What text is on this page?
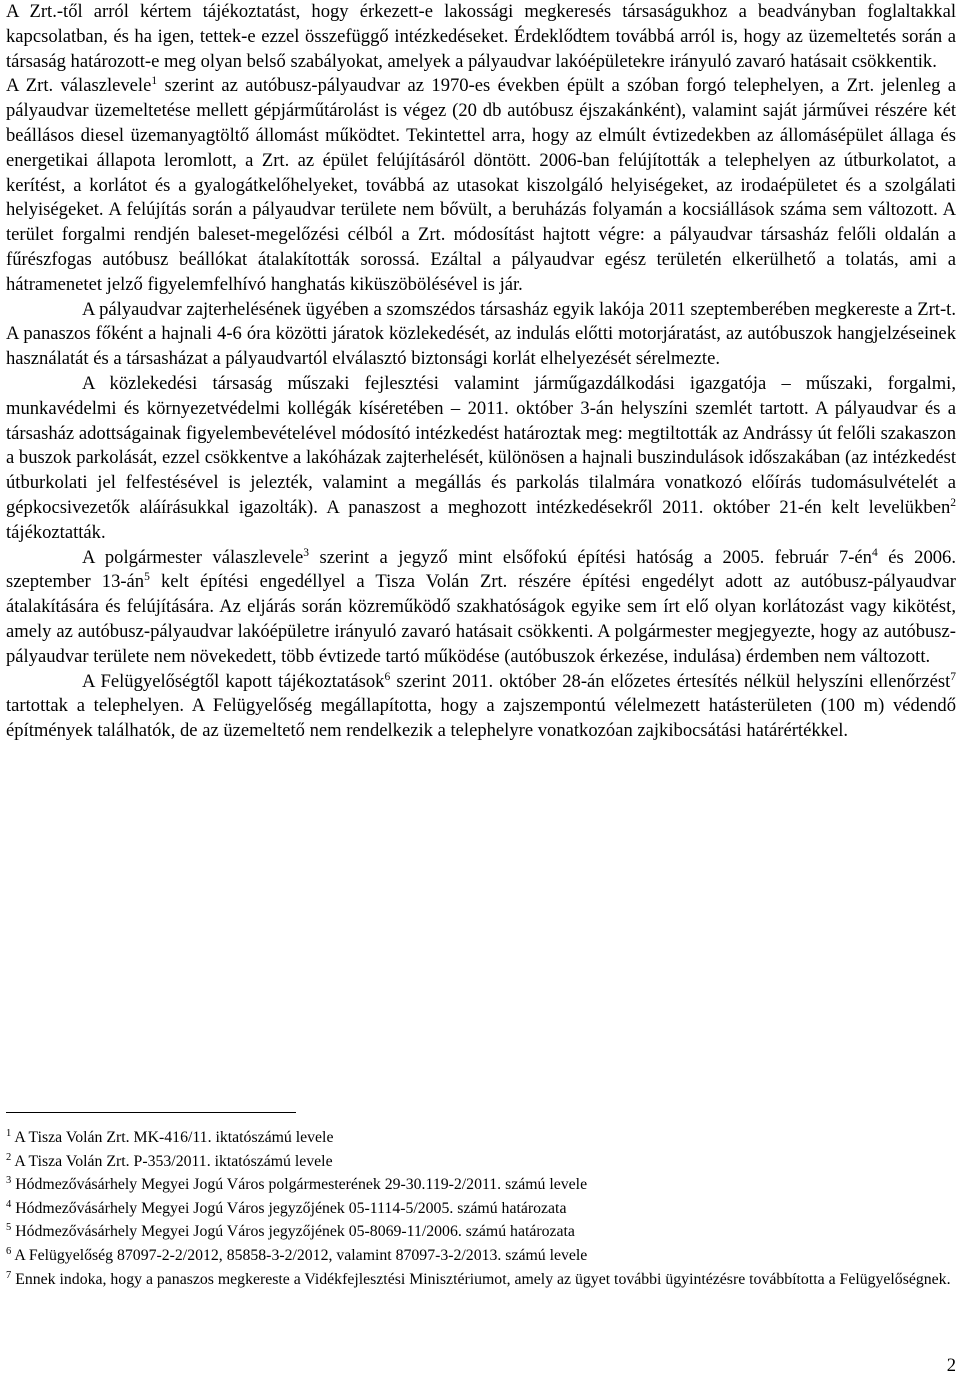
A Zrt.-től arról kértem tájékoztatást, hogy érkezett-e lakossági megkeresés társaságukhoz a beadványban foglaltakkal kapcsolatban, és ha igen, tettek-e ezzel összefüggő intézkedéseket. Érdeklődtem továbbá arról is, hogy az üzemeltetés során a társaság határozott-e meg olyan belső szabályokat, amelyek a pályaudvar lakóépületekre irányuló zavaró hatásait csökkentik.

A Zrt. válaszlevele$^1$ szerint az autóbusz-pályaudvar az 1970-es években épült a szóban forgó telephelyen, a Zrt. jelenleg a pályaudvar üzemeltetése mellett gépjárműtárolást is végez (20 db autóbusz éjszakánként), valamint saját járművei részére két beállásos diesel üzemanyagtöltő állomást működtet. Tekintettel arra, hogy az elmúlt évtizedekben az állomásépület állaga és energetikai állapota leromlott, a Zrt. az épület felújításáról döntött. 2006-ban felújították a telephelyen az útburkolatot, a kerítést, a korlátot és a gyalogátkelőhelyeket, továbbá az utasokat kiszolgáló helyiségeket, az irodaépületet és a szolgálati helyiségeket. A felújítás során a pályaudvar területe nem bővült, a beruházás folyamán a kocsiállások száma sem változott. A terület forgalmi rendjén baleset-megelőzési célból a Zrt. módosítást hajtott végre: a pályaudvar társasház felőli oldalán a fűrészfogas autóbusz beállókat átalakították sorossá. Ezáltal a pályaudvar egész területén elkerülhető a tolatás, ami a hátramenetet jelző figyelemfelhívó hanghatás kiküszöbölésével is jár.

A pályaudvar zajterhelésének ügyében a szomszédos társasház egyik lakója 2011 szeptemberében megkereste a Zrt-t. A panaszos főként a hajnali 4-6 óra közötti járatok közlekedését, az indulás előtti motorjáratást, az autóbuszok hangjelzéseinek használatát és a társasházat a pályaudvartól elválasztó biztonsági korlát elhelyezését sérelmezte.

A közlekedési társaság műszaki fejlesztési valamint járműgazdálkodási igazgatója – műszaki, forgalmi, munkavédelmi és környezetvédelmi kollégák kíséretében – 2011. október 3-án helyszíni szemlét tartott. A pályaudvar és a társasház adottságainak figyelembevételével módosító intézkedést határoztak meg: megtiltották az Andrássy út felőli szakaszon a buszok parkolását, ezzel csökkentve a lakóházak zajterhelését, különösen a hajnali buszindulások időszakában (az intézkedést útburkolati jel felfestésével is jelezték, valamint a megállás és parkolás tilalmára vonatkozó előírás tudomásulvételét a gépkocsivezetők aláírásukkal igazolták). A panaszost a meghozott intézkedésekről 2011. október 21-én kelt levelükben$^2$ tájékoztatták.

A polgármester válaszlevele$^3$ szerint a jegyző mint elsőfokú építési hatóság a 2005. február $7-én^4$ és 2006. szeptember $13-án^5$ kelt építési engedéllyel a Tisza Volán Zrt. részére építési engedélyt adott az autóbusz-pályaudvar átalakítására és felújítására. Az eljárás során közreműködő szakhatóságok egyike sem írt elő olyan korlátozást vagy kikötést, amely az autóbusz-pályaudvar lakóépületre irányuló zavaró hatásait csökkenti. A polgármester megjegyezte, hogy az autóbusz-pályaudvar területe nem növekedett, több évtizede tartó működése (autóbuszok érkezése, indulása) érdemben nem változott.

A Felügyelőségtől kapott tájékoztatások$^6$ szerint 2011. október 28-án előzetes értesítés nélkül helyszíni ellenőrzést$^7$ tartottak a telephelyen. A Felügyelőség megállapította, hogy a zajszempontú vélelmezett hatásterületen (100 m) védendő építmények találhatók, de az üzemeltető nem rendelkezik a telephelyre vonatkozóan zajkibocsátási határértékkel.

$^1$ A Tisza Volán Zrt. MK-416/11. iktatószámú levele

$^2$ A Tisza Volán Zrt. P-353/2011. iktatószámú levele

$^3$ Hódmezővásárhely Megyei Jogú Város polgármesterének 29-30.119-2/2011. számú levele

$^4$ Hódmezővásárhely Megyei Jogú Város jegyzőjének 05-1114-5/2005. számú határozata

$^5$ Hódmezővásárhely Megyei Jogú Város jegyzőjének 05-8069-11/2006. számú határozata

$^6$ A Felügyelőség 87097-2-2/2012, 85858-3-2/2012, valamint 87097-3-2/2013. számú levele

$^7$ Ennek indoka, hogy a panaszos megkereste a Vidékfejlesztési Minisztériumot, amely az ügyet további ügyintézésre továbbította a Felügyelőségnek.

2
